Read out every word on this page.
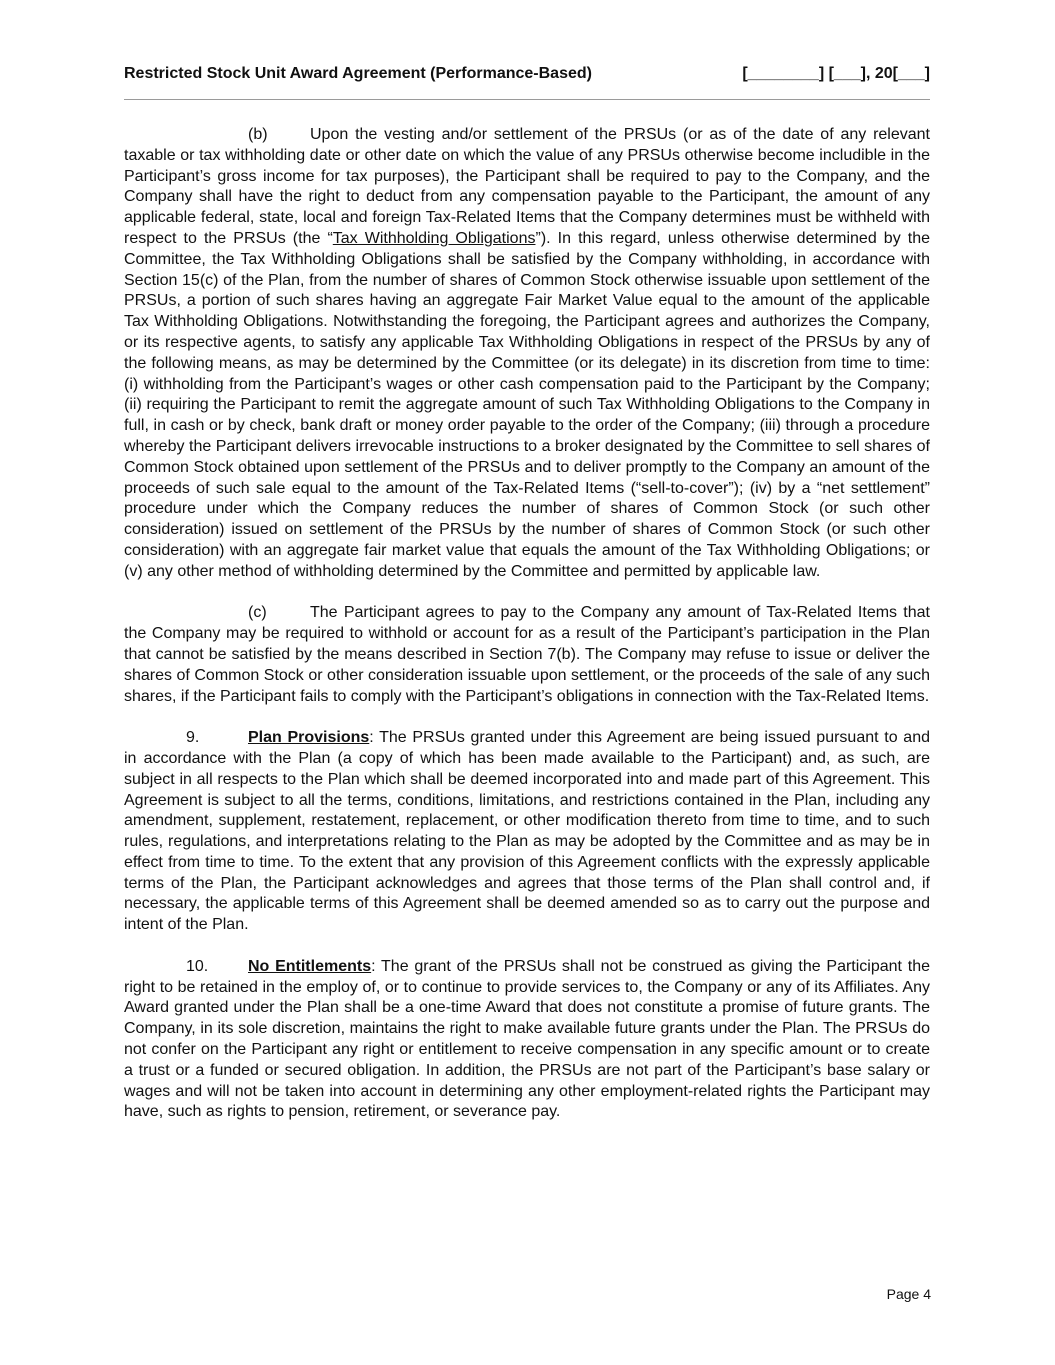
Restricted Stock Unit Award Agreement (Performance-Based)	[________] [___], 20[___]

(b)	Upon the vesting and/or settlement of the PRSUs (or as of the date of any relevant taxable or tax withholding date or other date on which the value of any PRSUs otherwise become includible in the Participant’s gross income for tax purposes), the Participant shall be required to pay to the Company, and the Company shall have the right to deduct from any compensation payable to the Participant, the amount of any applicable federal, state, local and foreign Tax-Related Items that the Company determines must be withheld with respect to the PRSUs (the “Tax Withholding Obligations”). In this regard, unless otherwise determined by the Committee, the Tax Withholding Obligations shall be satisfied by the Company withholding, in accordance with Section 15(c) of the Plan, from the number of shares of Common Stock otherwise issuable upon settlement of the PRSUs, a portion of such shares having an aggregate Fair Market Value equal to the amount of the applicable Tax Withholding Obligations. Notwithstanding the foregoing, the Participant agrees and authorizes the Company, or its respective agents, to satisfy any applicable Tax Withholding Obligations in respect of the PRSUs by any of the following means, as may be determined by the Committee (or its delegate) in its discretion from time to time: (i) withholding from the Participant’s wages or other cash compensation paid to the Participant by the Company; (ii) requiring the Participant to remit the aggregate amount of such Tax Withholding Obligations to the Company in full, in cash or by check, bank draft or money order payable to the order of the Company; (iii) through a procedure whereby the Participant delivers irrevocable instructions to a broker designated by the Committee to sell shares of Common Stock obtained upon settlement of the PRSUs and to deliver promptly to the Company an amount of the proceeds of such sale equal to the amount of the Tax-Related Items (“sell-to-cover”); (iv) by a “net settlement” procedure under which the Company reduces the number of shares of Common Stock (or such other consideration) issued on settlement of the PRSUs by the number of shares of Common Stock (or such other consideration) with an aggregate fair market value that equals the amount of the Tax Withholding Obligations; or (v) any other method of withholding determined by the Committee and permitted by applicable law.

(c)	The Participant agrees to pay to the Company any amount of Tax-Related Items that the Company may be required to withhold or account for as a result of the Participant’s participation in the Plan that cannot be satisfied by the means described in Section 7(b). The Company may refuse to issue or deliver the shares of Common Stock or other consideration issuable upon settlement, or the proceeds of the sale of any such shares, if the Participant fails to comply with the Participant’s obligations in connection with the Tax-Related Items.

9.	Plan Provisions: The PRSUs granted under this Agreement are being issued pursuant to and in accordance with the Plan (a copy of which has been made available to the Participant) and, as such, are subject in all respects to the Plan which shall be deemed incorporated into and made part of this Agreement. This Agreement is subject to all the terms, conditions, limitations, and restrictions contained in the Plan, including any amendment, supplement, restatement, replacement, or other modification thereto from time to time, and to such rules, regulations, and interpretations relating to the Plan as may be adopted by the Committee and as may be in effect from time to time. To the extent that any provision of this Agreement conflicts with the expressly applicable terms of the Plan, the Participant acknowledges and agrees that those terms of the Plan shall control and, if necessary, the applicable terms of this Agreement shall be deemed amended so as to carry out the purpose and intent of the Plan.

10. No Entitlements: The grant of the PRSUs shall not be construed as giving the Participant the right to be retained in the employ of, or to continue to provide services to, the Company or any of its Affiliates. Any Award granted under the Plan shall be a one-time Award that does not constitute a promise of future grants. The Company, in its sole discretion, maintains the right to make available future grants under the Plan. The PRSUs do not confer on the Participant any right or entitlement to receive compensation in any specific amount or to create a trust or a funded or secured obligation. In addition, the PRSUs are not part of the Participant’s base salary or wages and will not be taken into account in determining any other employment-related rights the Participant may have, such as rights to pension, retirement, or severance pay.

Page 4
